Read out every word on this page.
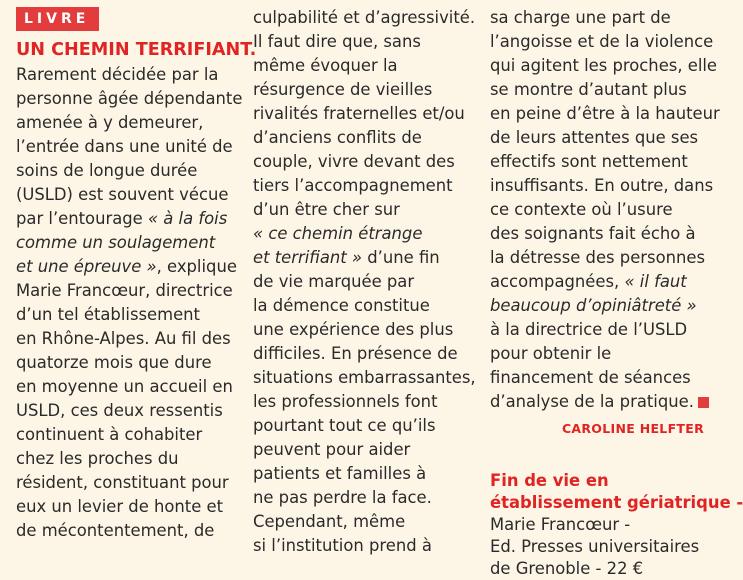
LIVRE
UN CHEMIN TERRIFIANT.
Rarement décidée par la
personne âgée dépendante
amenée à y demeurer,
l’entrée dans une unité de
soins de longue durée
(USLD) est souvent vécue
par l’entourage « à la fois
comme un soulagement
et une épreuve », explique
Marie Francœur, directrice
d’un tel établissement
en Rhône-Alpes. Au fil des
quatorze mois que dure
en moyenne un accueil en
USLD, ces deux ressentis
continuent à cohabiter
chez les proches du
résident, constituant pour
eux un levier de honte et
de mécontentement, de
culpabilité et d’agressivité.
Il faut dire que, sans
même évoquer la
résurgence de vieilles
rivalités fraternelles et/ou
d’anciens conflits de
couple, vivre devant des
tiers l’accompagnement
d’un être cher sur
« ce chemin étrange
et terrifiant » d’une fin
de vie marquée par
la démence constitue
une expérience des plus
difficiles. En présence de
situations embarrassantes,
les professionnels font
pourtant tout ce qu’ils
peuvent pour aider
patients et familles à
ne pas perdre la face.
Cependant, même
si l’institution prend à
sa charge une part de
l’angoisse et de la violence
qui agitent les proches, elle
se montre d’autant plus
en peine d’être à la hauteur
de leurs attentes que ses
effectifs sont nettement
insuffisants. En outre, dans
ce contexte où l’usure
des soignants fait écho à
la détresse des personnes
accompagnées, « il faut
beaucoup d’opiniâtreté »
à la directrice de l’USLD
pour obtenir le
financement de séances
d’analyse de la pratique.
CAROLINE HELFTER
Fin de vie en
établissement gériatrique -
Marie Francœur -
Ed. Presses universitaires
de Grenoble - 22 €
